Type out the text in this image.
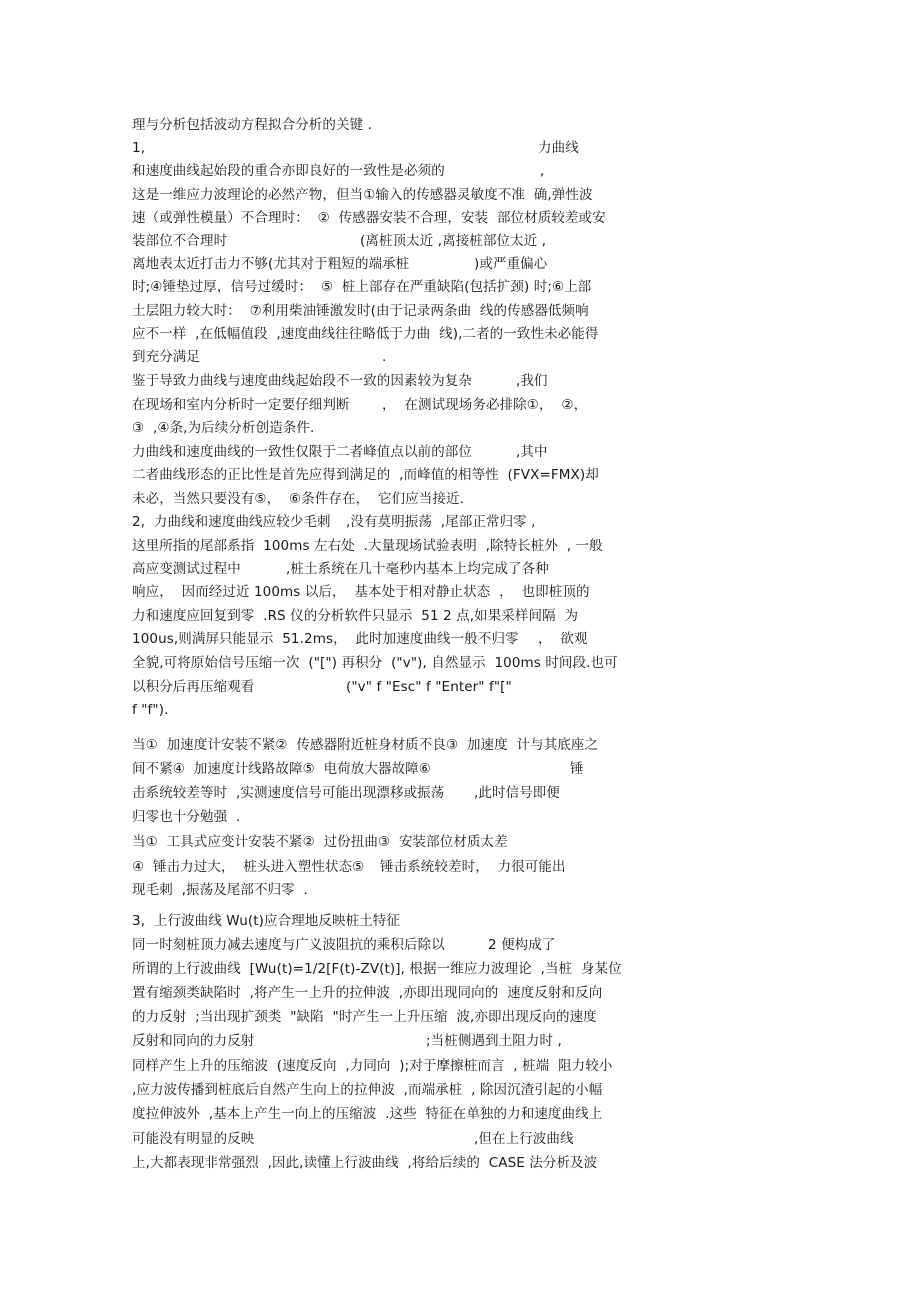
理与分析包括波动方程拟合分析的关键 .
1,	力曲线
和速度曲线起始段的重合亦即良好的一致性是必须的	,
这是一维应力波理论的必然产物，但当①输入的传感器灵敏度不准  确,弹性波
速（或弹性模量）不合理时：  ②  传感器安装不合理，安装  部位材质较差或安
装部位不合理时	(离桩顶太近 ,离接桩部位太近 ,
离地表太近打击力不够(尤其对于粗短的端承桩	)或严重偏心
时;④锤垫过厚，信号过缓时：  ⑤  桩上部存在严重缺陷(包括扩颈) 时;⑥上部
土层阻力较大时：  ⑦利用柴油锤激发时(由于记录两条曲  线的传感器低频响
应不一样  ,在低幅值段  ,速度曲线往往略低于力曲  线),二者的一致性未必能得
到充分满足	.
鉴于导致力曲线与速度曲线起始段不一致的因素较为复杂	,我们
在现场和室内分析时一定要仔细判断 ，  在测试现场务必排除①，  ②，
③  ,④条,为后续分析创造条件.
力曲线和速度曲线的一致性仅限于二者峰值点以前的部位	,其中
二者曲线形态的正比性是首先应得到满足的  ,而峰值的相等性  (FVX=FMX)却
未必，当然只要没有⑤，  ⑥条件存在，  它们应当接近.
2,  力曲线和速度曲线应较少毛刺 ,没有莫明振荡  ,尾部正常归零 ,
这里所指的尾部系指  100ms 左右处  .大量现场试验表明  ,除特长桩外  , 一般
高应变测试过程中	,桩土系统在几十毫秒内基本上均完成了各种
响应，  因而经过近 100ms 以后，  基本处于相对静止状态  ，  也即桩顶的
力和速度应回复到零  .RS 仪的分析软件只显示  51 2 点,如果采样间隔  为
100us,则满屏只能显示  51.2ms，  此时加速度曲线一般不归零 ，  欲观
全貌,可将原始信号压缩一次  ("[") 再积分  ("v"), 自然显示  100ms 时间段.也可
以积分后再压缩观看	("v" f "Esc" f "Enter" f"["
f "f").
当①  加速度计安装不紧②  传感器附近桩身材质不良③  加速度  计与其底座之
间不紧④  加速度计线路故障⑤  电荷放大器故障⑥	锤
击系统较差等时  ,实测速度信号可能出现漂移或振荡 ,此时信号即便
归零也十分勉强  .
当①  工具式应变计安装不紧②  过份扭曲③  安装部位材质太差
④  锤击力过大，  桩头进入塑性状态⑤ 锤击系统较差时，  力很可能出
现毛刺  ,振荡及尾部不归零  .
3,  上行波曲线 Wu(t)应合理地反映桩土特征
同一时刻桩顶力减去速度与广义波阻抗的乘积后除以	2 便构成了
所谓的上行波曲线  [Wu(t)=1/2[F(t)-ZV(t)], 根据一维应力波理论  ,当桩  身某位
置有缩颈类缺陷时  ,将产生一上升的拉伸波  ,亦即出现同向的  速度反射和反向
的力反射  ;当出现扩颈类  "缺陷  "时产生一上升压缩  波,亦即出现反向的速度
反射和同向的力反射	;当桩侧遇到土阻力时 ,
同样产生上升的压缩波  (速度反向  ,力同向  );对于摩擦桩而言  , 桩端  阻力较小
,应力波传播到桩底后自然产生向上的拉伸波  ,而端承桩  , 除因沉渣引起的小幅
度拉伸波外  ,基本上产生一向上的压缩波  .这些  特征在单独的力和速度曲线上
可能没有明显的反映	,但在上行波曲线
上,大都表现非常强烈  ,因此,读懂上行波曲线  ,将给后续的  CASE 法分析及波
